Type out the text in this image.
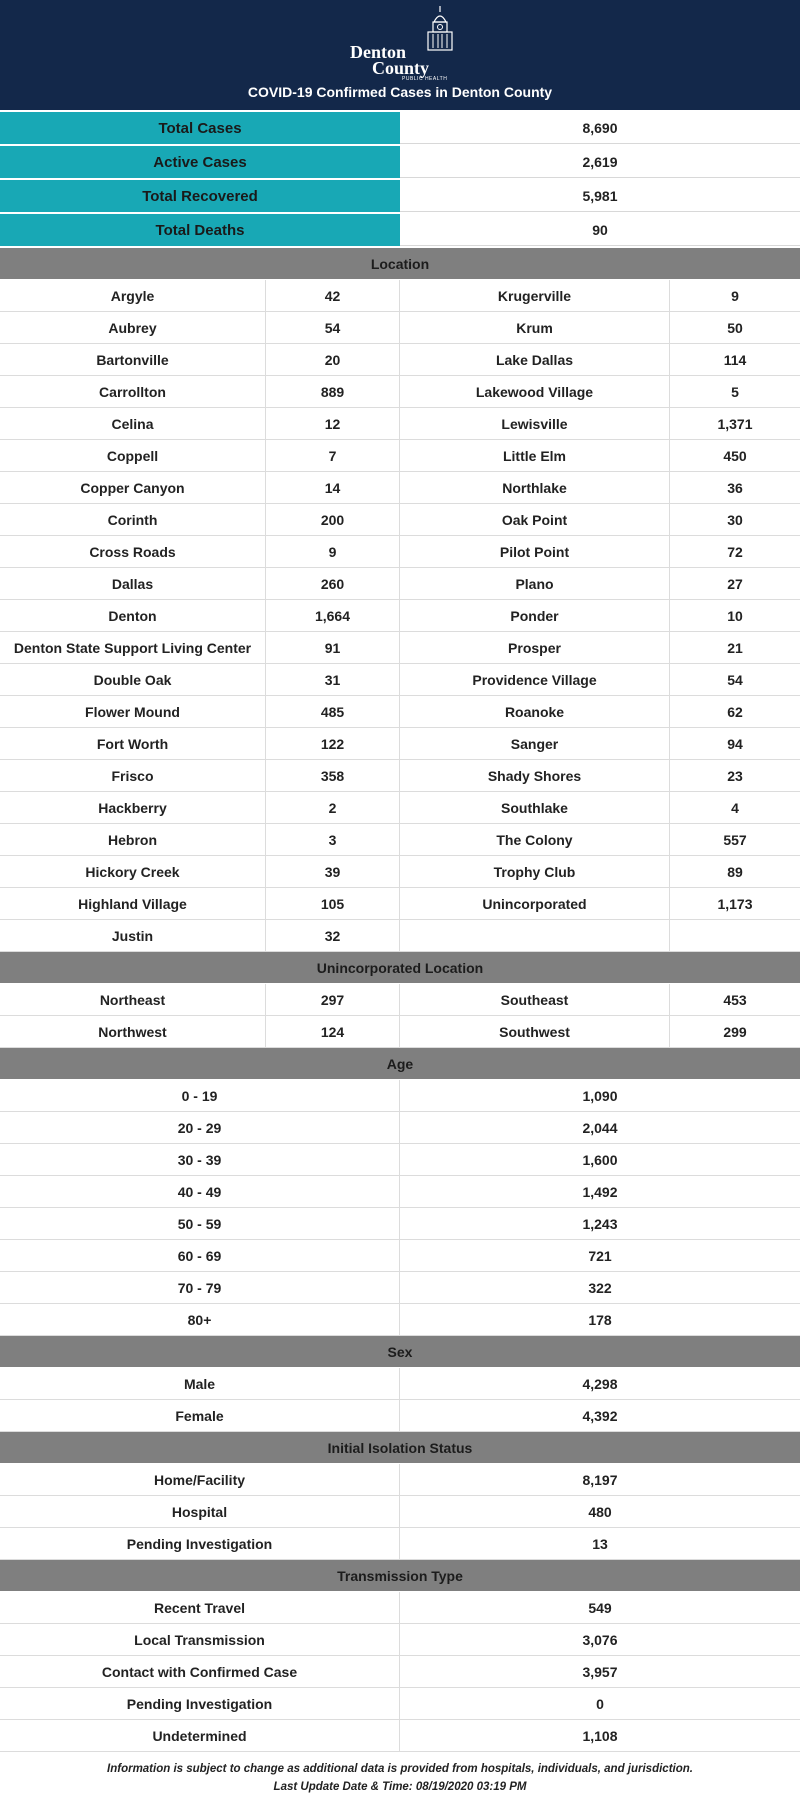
Denton
County
PUBLIC HEALTH
COVID-19 Confirmed Cases in Denton County
Total Cases	8,690
Active Cases	2,619
Total Recovered	5,981
Total Deaths	90
Location
Argyle	42	Krugerville	9
Aubrey	54	Krum	50
Bartonville	20	Lake Dallas	114
Carrollton	889	Lakewood Village	5
Celina	12	Lewisville	1,371
Coppell	7	Little Elm	450
Copper Canyon	14	Northlake	36
Corinth	200	Oak Point	30
Cross Roads	9	Pilot Point	72
Dallas	260	Plano	27
Denton	1,664	Ponder	10
Denton State Support Living Center	91	Prosper	21
Double Oak	31	Providence Village	54
Flower Mound	485	Roanoke	62
Fort Worth	122	Sanger	94
Frisco	358	Shady Shores	23
Hackberry	2	Southlake	4
Hebron	3	The Colony	557
Hickory Creek	39	Trophy Club	89
Highland Village	105	Unincorporated	1,173
Justin	32
Unincorporated Location
Northeast	297	Southeast	453
Northwest	124	Southwest	299
Age
0 - 19	1,090
20 - 29	2,044
30 - 39	1,600
40 - 49	1,492
50 - 59	1,243
60 - 69	721
70 - 79	322
80+	178
Sex
Male	4,298
Female	4,392
Initial Isolation Status
Home/Facility	8,197
Hospital	480
Pending Investigation	13
Transmission Type
Recent Travel	549
Local Transmission	3,076
Contact with Confirmed Case	3,957
Pending Investigation	0
Undetermined	1,108
Information is subject to change as additional data is provided from hospitals, individuals, and jurisdiction.
Last Update Date & Time: 08/19/2020 03:19 PM
